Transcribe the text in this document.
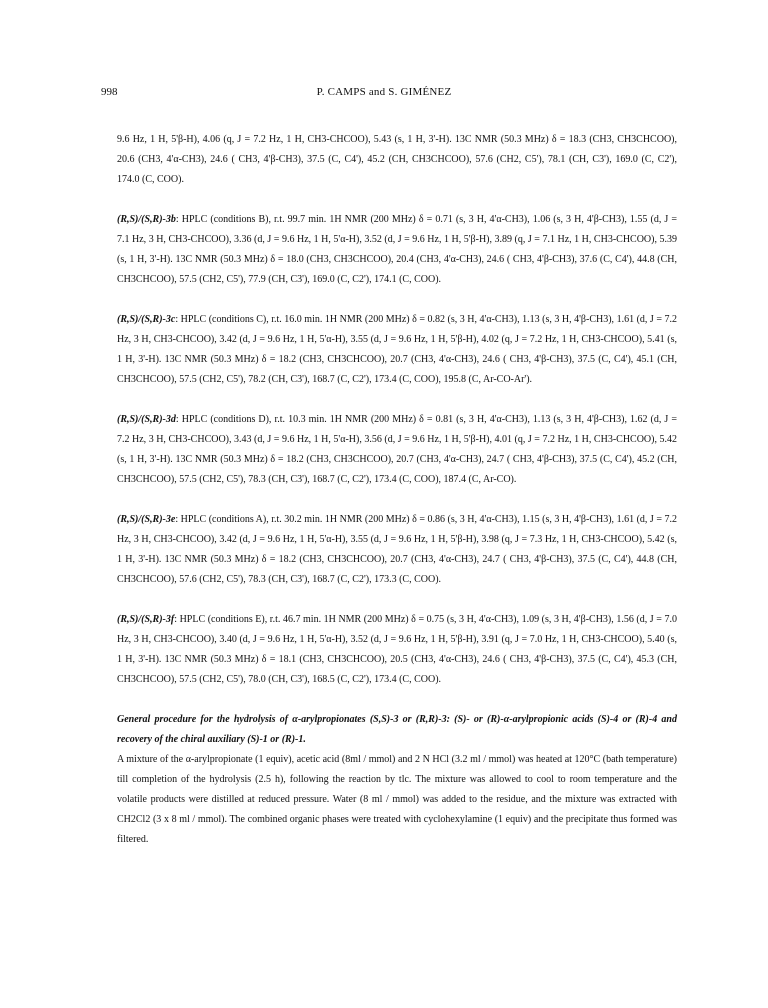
998	P. CAMPS and S. GIMÉNEZ

9.6 Hz, 1 H, 5'β-H), 4.06 (q, J = 7.2 Hz, 1 H, CH3-CHCOO), 5.43 (s, 1 H, 3'-H). 13C NMR (50.3 MHz) δ = 18.3 (CH3, CH3CHCOO), 20.6 (CH3, 4'α-CH3), 24.6 ( CH3, 4'β-CH3), 37.5 (C, C4'), 45.2 (CH, CH3CHCOO), 57.6 (CH2, C5'), 78.1 (CH, C3'), 169.0 (C, C2'), 174.0 (C, COO).

(R,S)/(S,R)-3b: HPLC (conditions B), r.t. 99.7 min. 1H NMR (200 MHz) δ = 0.71 (s, 3 H, 4'α-CH3), 1.06 (s, 3 H, 4'β-CH3), 1.55 (d, J = 7.1 Hz, 3 H, CH3-CHCOO), 3.36 (d, J = 9.6 Hz, 1 H, 5'α-H), 3.52 (d, J = 9.6 Hz, 1 H, 5'β-H), 3.89 (q, J = 7.1 Hz, 1 H, CH3-CHCOO), 5.39 (s, 1 H, 3'-H). 13C NMR (50.3 MHz) δ = 18.0 (CH3, CH3CHCOO), 20.4 (CH3, 4'α-CH3), 24.6 ( CH3, 4'β-CH3), 37.6 (C, C4'), 44.8 (CH, CH3CHCOO), 57.5 (CH2, C5'), 77.9 (CH, C3'), 169.0 (C, C2'), 174.1 (C, COO).

(R,S)/(S,R)-3c: HPLC (conditions C), r.t. 16.0 min. 1H NMR (200 MHz) δ = 0.82 (s, 3 H, 4'α-CH3), 1.13 (s, 3 H, 4'β-CH3), 1.61 (d, J = 7.2 Hz, 3 H, CH3-CHCOO), 3.42 (d, J = 9.6 Hz, 1 H, 5'α-H), 3.55 (d, J = 9.6 Hz, 1 H, 5'β-H), 4.02 (q, J = 7.2 Hz, 1 H, CH3-CHCOO), 5.41 (s, 1 H, 3'-H). 13C NMR (50.3 MHz) δ = 18.2 (CH3, CH3CHCOO), 20.7 (CH3, 4'α-CH3), 24.6 ( CH3, 4'β-CH3), 37.5 (C, C4'), 45.1 (CH, CH3CHCOO), 57.5 (CH2, C5'), 78.2 (CH, C3'), 168.7 (C, C2'), 173.4 (C, COO), 195.8 (C, Ar-CO-Ar').

(R,S)/(S,R)-3d: HPLC (conditions D), r.t. 10.3 min. 1H NMR (200 MHz) δ = 0.81 (s, 3 H, 4'α-CH3), 1.13 (s, 3 H, 4'β-CH3), 1.62 (d, J = 7.2 Hz, 3 H, CH3-CHCOO), 3.43 (d, J = 9.6 Hz, 1 H, 5'α-H), 3.56 (d, J = 9.6 Hz, 1 H, 5'β-H), 4.01 (q, J = 7.2 Hz, 1 H, CH3-CHCOO), 5.42 (s, 1 H, 3'-H). 13C NMR (50.3 MHz) δ = 18.2 (CH3, CH3CHCOO), 20.7 (CH3, 4'α-CH3), 24.7 ( CH3, 4'β-CH3), 37.5 (C, C4'), 45.2 (CH, CH3CHCOO), 57.5 (CH2, C5'), 78.3 (CH, C3'), 168.7 (C, C2'), 173.4 (C, COO), 187.4 (C, Ar-CO).

(R,S)/(S,R)-3e: HPLC (conditions A), r.t. 30.2 min. 1H NMR (200 MHz) δ = 0.86 (s, 3 H, 4'α-CH3), 1.15 (s, 3 H, 4'β-CH3), 1.61 (d, J = 7.2 Hz, 3 H, CH3-CHCOO), 3.42 (d, J = 9.6 Hz, 1 H, 5'α-H), 3.55 (d, J = 9.6 Hz, 1 H, 5'β-H), 3.98 (q, J = 7.3 Hz, 1 H, CH3-CHCOO), 5.42 (s, 1 H, 3'-H). 13C NMR (50.3 MHz) δ = 18.2 (CH3, CH3CHCOO), 20.7 (CH3, 4'α-CH3), 24.7 ( CH3, 4'β-CH3), 37.5 (C, C4'), 44.8 (CH, CH3CHCOO), 57.6 (CH2, C5'), 78.3 (CH, C3'), 168.7 (C, C2'), 173.3 (C, COO).

(R,S)/(S,R)-3f: HPLC (conditions E), r.t. 46.7 min. 1H NMR (200 MHz) δ = 0.75 (s, 3 H, 4'α-CH3), 1.09 (s, 3 H, 4'β-CH3), 1.56 (d, J = 7.0 Hz, 3 H, CH3-CHCOO), 3.40 (d, J = 9.6 Hz, 1 H, 5'α-H), 3.52 (d, J = 9.6 Hz, 1 H, 5'β-H), 3.91 (q, J = 7.0 Hz, 1 H, CH3-CHCOO), 5.40 (s, 1 H, 3'-H). 13C NMR (50.3 MHz) δ = 18.1 (CH3, CH3CHCOO), 20.5 (CH3, 4'α-CH3), 24.6 ( CH3, 4'β-CH3), 37.5 (C, C4'), 45.3 (CH, CH3CHCOO), 57.5 (CH2, C5'), 78.0 (CH, C3'), 168.5 (C, C2'), 173.4 (C, COO).

General procedure for the hydrolysis of α-arylpropionates (S,S)-3 or (R,R)-3: (S)- or (R)-α-arylpropionic acids (S)-4 or (R)-4 and recovery of the chiral auxiliary (S)-1 or (R)-1.

A mixture of the α-arylpropionate (1 equiv), acetic acid (8ml / mmol) and 2 N HCl (3.2 ml / mmol) was heated at 120°C (bath temperature) till completion of the hydrolysis (2.5 h), following the reaction by tlc. The mixture was allowed to cool to room temperature and the volatile products were distilled at reduced pressure. Water (8 ml / mmol) was added to the residue, and the mixture was extracted with CH2Cl2 (3 x 8 ml / mmol). The combined organic phases were treated with cyclohexylamine (1 equiv) and the precipitate thus formed was filtered.
